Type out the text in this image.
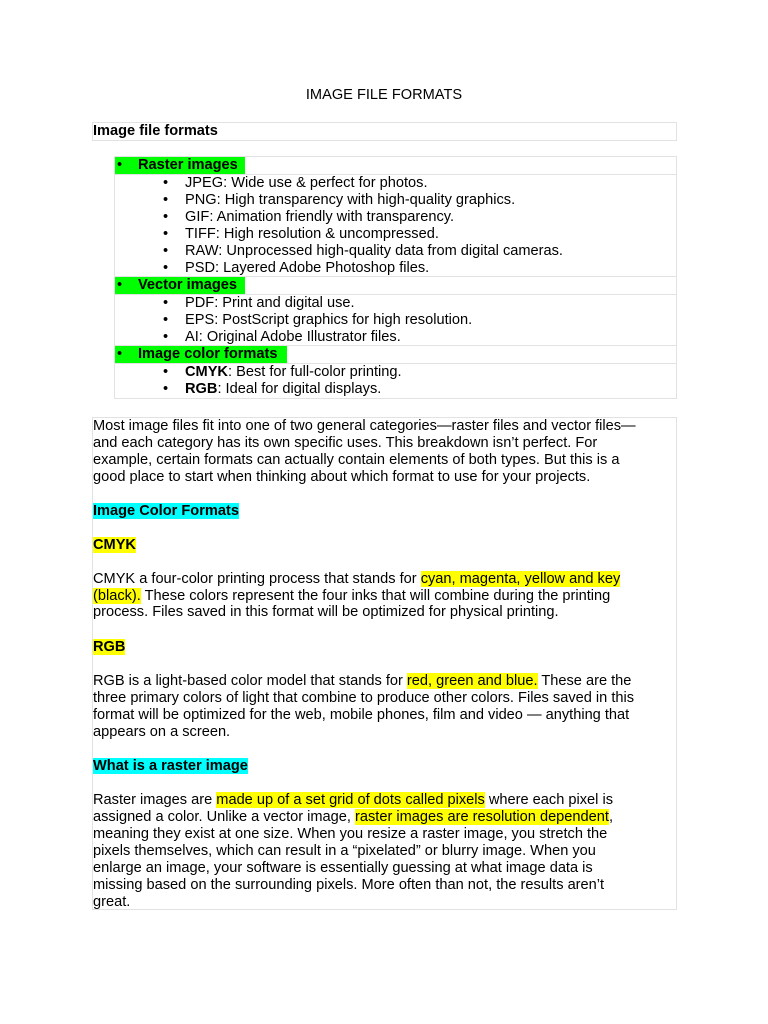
IMAGE FILE FORMATS
Image file formats
• Raster images
• JPEG: Wide use & perfect for photos.
• PNG: High transparency with high-quality graphics.
• GIF: Animation friendly with transparency.
• TIFF: High resolution & uncompressed.
• RAW: Unprocessed high-quality data from digital cameras.
• PSD: Layered Adobe Photoshop files.
• Vector images
• PDF: Print and digital use.
• EPS: PostScript graphics for high resolution.
• AI: Original Adobe Illustrator files.
• Image color formats
• CMYK: Best for full-color printing.
• RGB: Ideal for digital displays.
Most image files fit into one of two general categories—raster files and vector files—
and each category has its own specific uses. This breakdown isn’t perfect. For
example, certain formats can actually contain elements of both types. But this is a
good place to start when thinking about which format to use for your projects.
Image Color Formats
CMYK
CMYK a four-color printing process that stands for cyan, magenta, yellow and key
(black). These colors represent the four inks that will combine during the printing
process. Files saved in this format will be optimized for physical printing.
RGB
RGB is a light-based color model that stands for red, green and blue. These are the
three primary colors of light that combine to produce other colors. Files saved in this
format will be optimized for the web, mobile phones, film and video — anything that
appears on a screen.
What is a raster image
Raster images are made up of a set grid of dots called pixels where each pixel is
assigned a color. Unlike a vector image, raster images are resolution dependent,
meaning they exist at one size. When you resize a raster image, you stretch the
pixels themselves, which can result in a “pixelated” or blurry image. When you
enlarge an image, your software is essentially guessing at what image data is
missing based on the surrounding pixels. More often than not, the results aren’t
great.
